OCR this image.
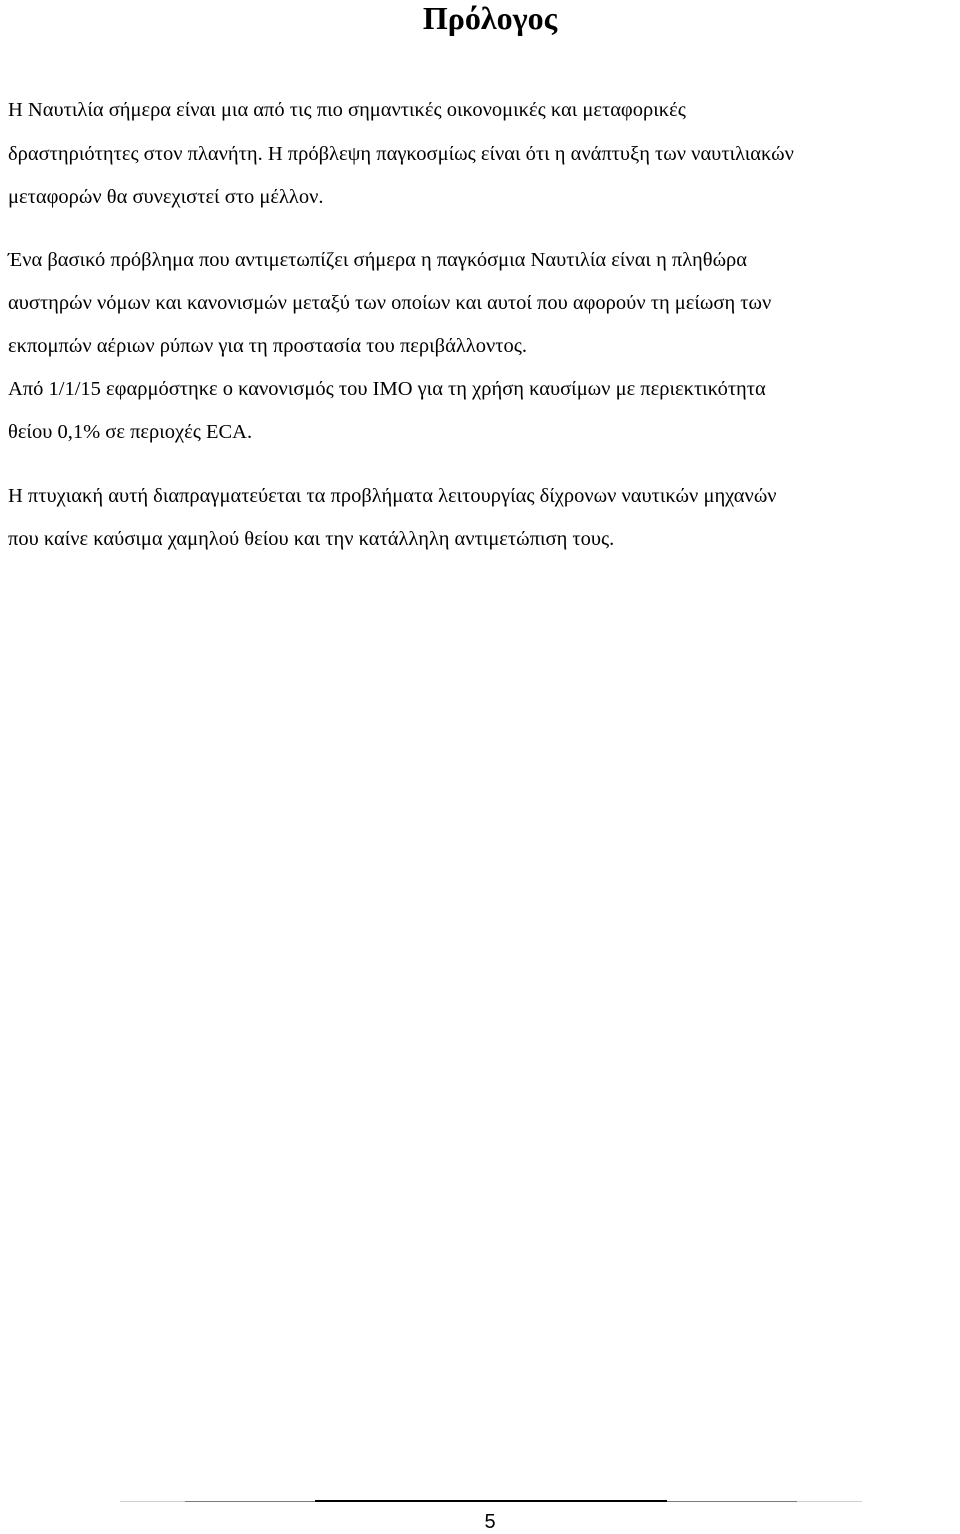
Πρόλογος

Η Ναυτιλία σήμερα είναι μια από τις πιο σημαντικές οικονομικές και μεταφορικές
δραστηριότητες στον πλανήτη. Η πρόβλεψη παγκοσμίως είναι ότι η ανάπτυξη των ναυτιλιακών
μεταφορών θα συνεχιστεί στο μέλλον.

Ένα βασικό πρόβλημα που αντιμετωπίζει σήμερα η παγκόσμια Ναυτιλία είναι η πληθώρα
αυστηρών νόμων και κανονισμών μεταξύ των οποίων και αυτοί που αφορούν τη μείωση των
εκπομπών αέριων ρύπων για τη προστασία του περιβάλλοντος.

Από 1/1/15 εφαρμόστηκε ο κανονισμός του IMO για τη χρήση καυσίμων με περιεκτικότητα
θείου 0,1% σε περιοχές ECA.

Η πτυχιακή αυτή διαπραγματεύεται τα προβλήματα λειτουργίας δίχρονων ναυτικών μηχανών
που καίνε καύσιμα χαμηλού θείου και την κατάλληλη αντιμετώπιση τους.

5
